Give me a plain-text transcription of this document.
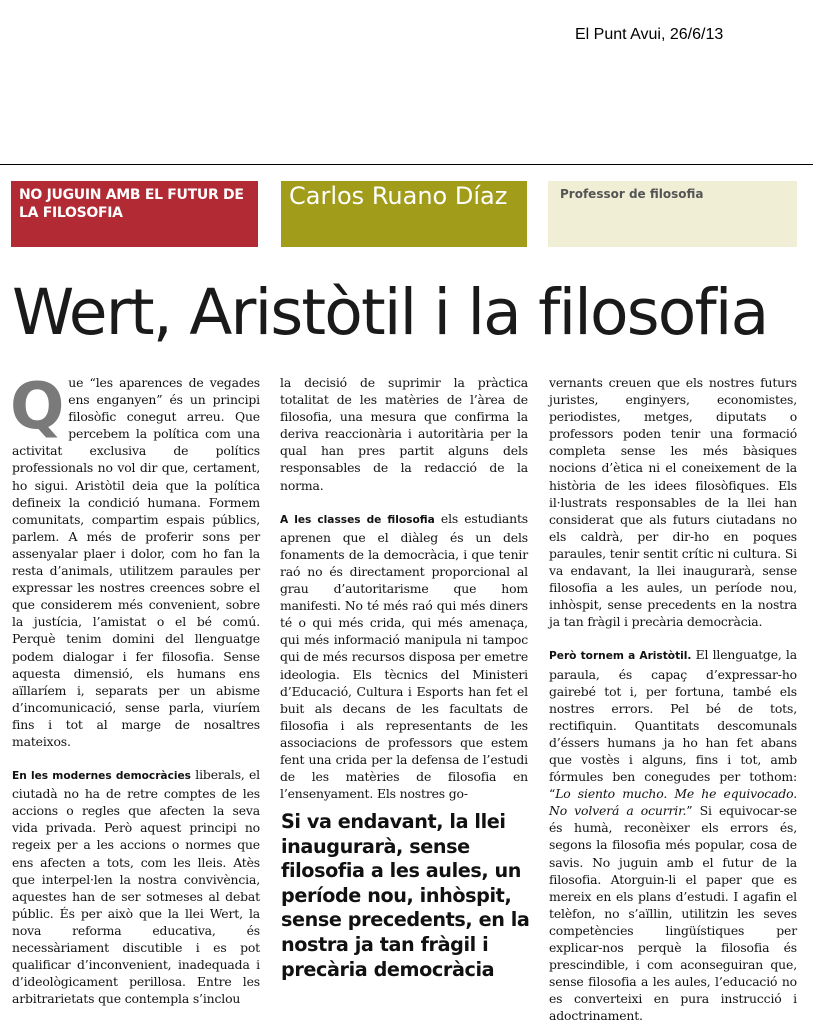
El Punt Avui, 26/6/13
NO JUGUIN AMB EL FUTUR DE LA FILOSOFIA
Carlos Ruano Díaz	Professor de filosofia
Wert, Aristòtil i la filosofia

Que “les aparences de vegades ens enganyen” és un principi filosòfic conegut arreu. Que percebem la política com una activitat exclusiva de polítics professionals no vol dir que, certament, ho sigui. Aristòtil deia que la política defineix la condició humana. Formem comunitats, compartim espais públics, parlem. A més de proferir sons per assenyalar plaer i dolor, com ho fan la resta d’animals, utilitzem paraules per expressar les nostres creences sobre el que considerem més convenient, sobre la justícia, l’amistat o el bé comú. Perquè tenim domini del llenguatge podem dialogar i fer filosofia. Sense aquesta dimensió, els humans ens aïllaríem i, separats per un abisme d’incomunicació, sense parla, viuríem fins i tot al marge de nosaltres mateixos.

En les modernes democràcies liberals, el ciutadà no ha de retre comptes de les accions o regles que afecten la seva vida privada. Però aquest principi no regeix per a les accions o normes que ens afecten a tots, com les lleis. Atès que interpel·len la nostra convivència, aquestes han de ser sotmeses al debat públic. És per això que la llei Wert, la nova reforma educativa, és necessàriament discutible i es pot qualificar d’inconvenient, inadequada i d’ideològicament perillosa. Entre les arbitrarietats que contempla s’inclou

la decisió de suprimir la pràctica totalitat de les matèries de l’àrea de filosofia, una mesura que confirma la deriva reaccionària i autoritària per la qual han pres partit alguns dels responsables de la redacció de la norma.

A les classes de filosofia els estudiants aprenen que el diàleg és un dels fonaments de la democràcia, i que tenir raó no és directament proporcional al grau d’autoritarisme que hom manifesti. No té més raó qui més diners té o qui més crida, qui més amenaça, qui més informació manipula ni tampoc qui de més recursos disposa per emetre ideologia. Els tècnics del Ministeri d’Educació, Cultura i Esports han fet el buit als decans de les facultats de filosofia i als representants de les associacions de professors que estem fent una crida per la defensa de l’estudi de les matèries de filosofia en l’ensenyament. Els nostres go-

Si va endavant, la llei inaugurarà, sense filosofia a les aules, un període nou, inhòspit, sense precedents, en la nostra ja tan fràgil i precària democràcia

vernants creuen que els nostres futurs juristes, enginyers, economistes, periodistes, metges, diputats o professors poden tenir una formació completa sense les més bàsiques nocions d’ètica ni el coneixement de la història de les idees filosòfiques. Els il·lustrats responsables de la llei han considerat que als futurs ciutadans no els caldrà, per dir-ho en poques paraules, tenir sentit crític ni cultura. Si va endavant, la llei inaugurarà, sense filosofia a les aules, un període nou, inhòspit, sense precedents en la nostra ja tan fràgil i precària democràcia.

Però tornem a Aristòtil. El llenguatge, la paraula, és capaç d’expressar-ho gairebé tot i, per fortuna, també els nostres errors. Pel bé de tots, rectifiquin. Quantitats descomunals d’éssers humans ja ho han fet abans que vostès i alguns, fins i tot, amb fórmules ben conegudes per tothom: “Lo siento mucho. Me he equivocado. No volverá a ocurrir.” Si equivocar-se és humà, reconèixer els errors és, segons la filosofia més popular, cosa de savis. No juguin amb el futur de la filosofia. Atorguin-li el paper que es mereix en els plans d’estudi. I agafin el telèfon, no s’aïllin, utilitzin les seves competències lingüístiques per explicar-nos perquè la filosofia és prescindible, i com aconseguiran que, sense filosofia a les aules, l’educació no es converteixi en pura instrucció i adoctrinament.
